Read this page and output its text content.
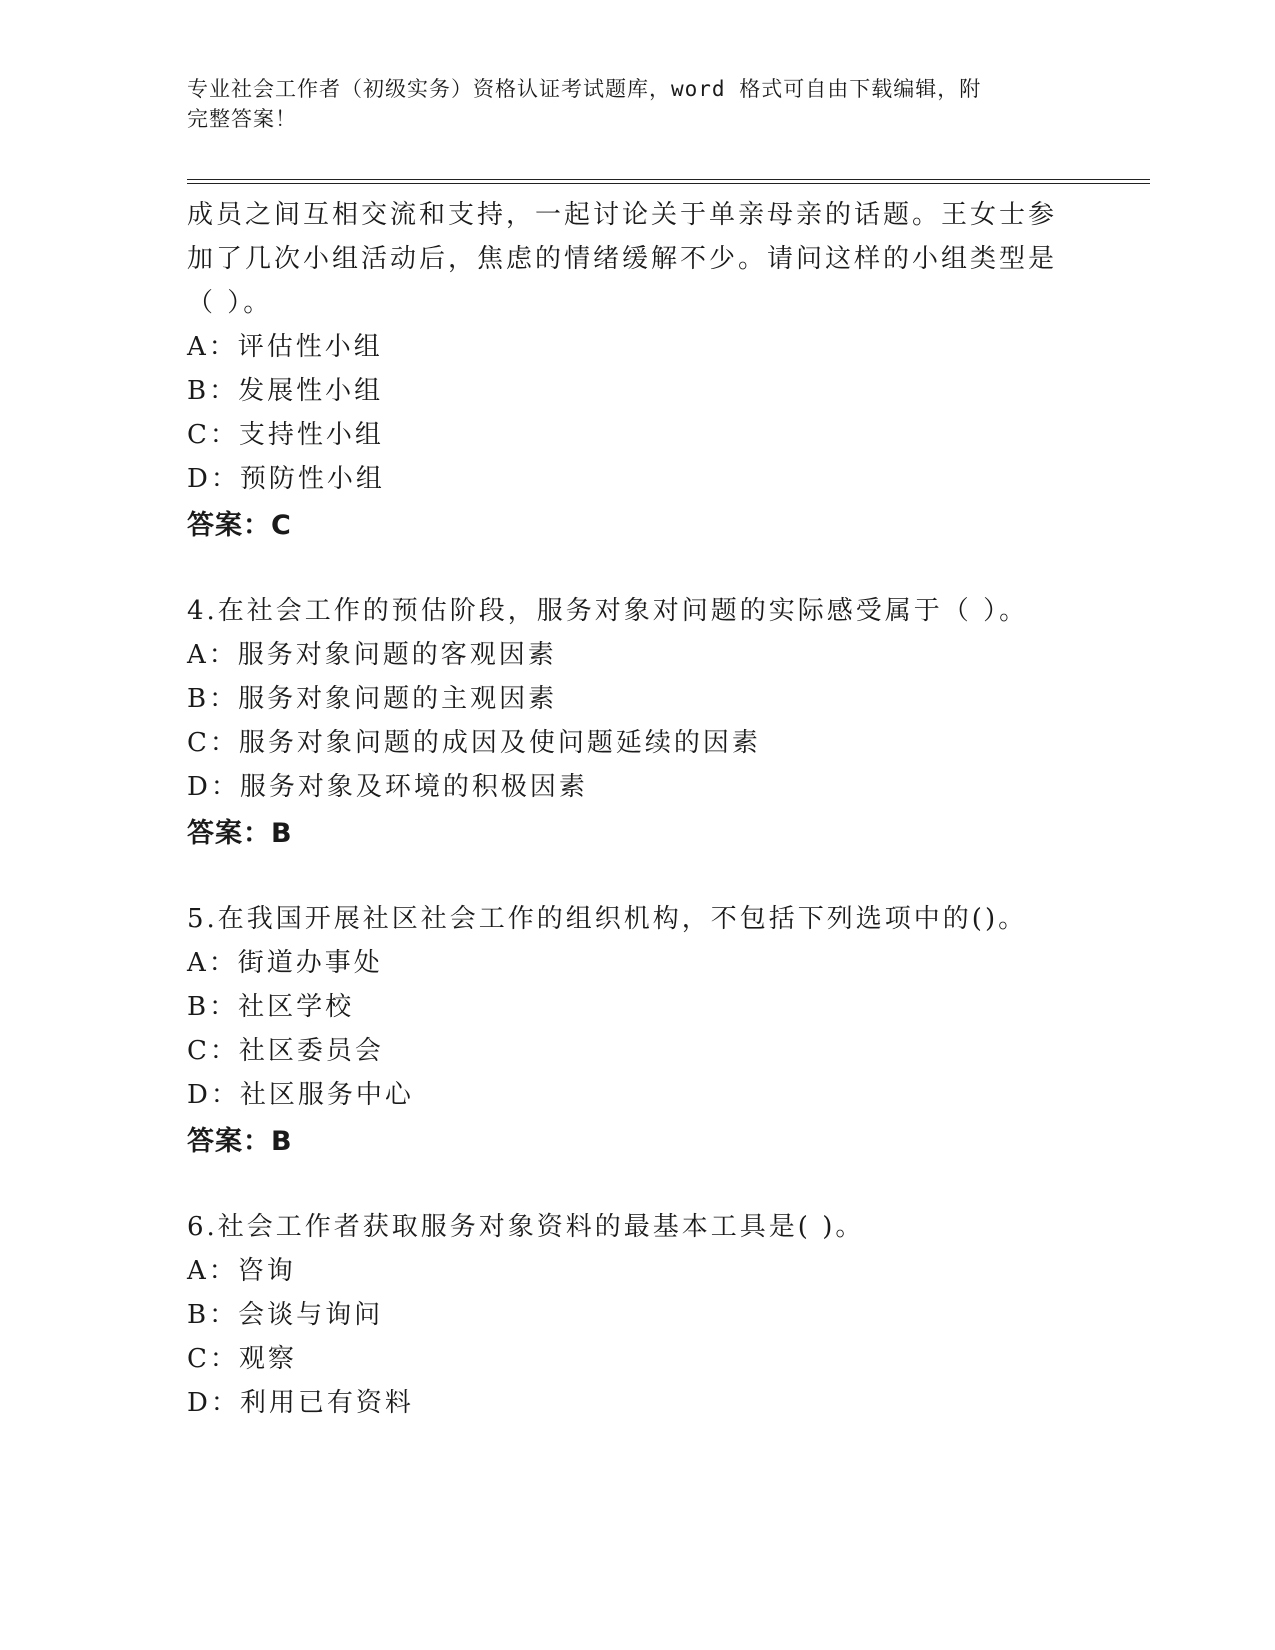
专业社会工作者（初级实务）资格认证考试题库，word 格式可自由下载编辑，附
完整答案！
成员之间互相交流和支持，一起讨论关于单亲母亲的话题。王女士参
加了几次小组活动后，焦虑的情绪缓解不少。请问这样的小组类型是
（ ）。
A：评估性小组
B：发展性小组
C：支持性小组
D：预防性小组
答案：C
4.在社会工作的预估阶段，服务对象对问题的实际感受属于（ ）。
A：服务对象问题的客观因素
B：服务对象问题的主观因素
C：服务对象问题的成因及使问题延续的因素
D：服务对象及环境的积极因素
答案：B
5.在我国开展社区社会工作的组织机构，不包括下列选项中的()。
A：街道办事处
B：社区学校
C：社区委员会
D：社区服务中心
答案：B
6.社会工作者获取服务对象资料的最基本工具是( )。
A：咨询
B：会谈与询问
C：观察
D：利用已有资料
